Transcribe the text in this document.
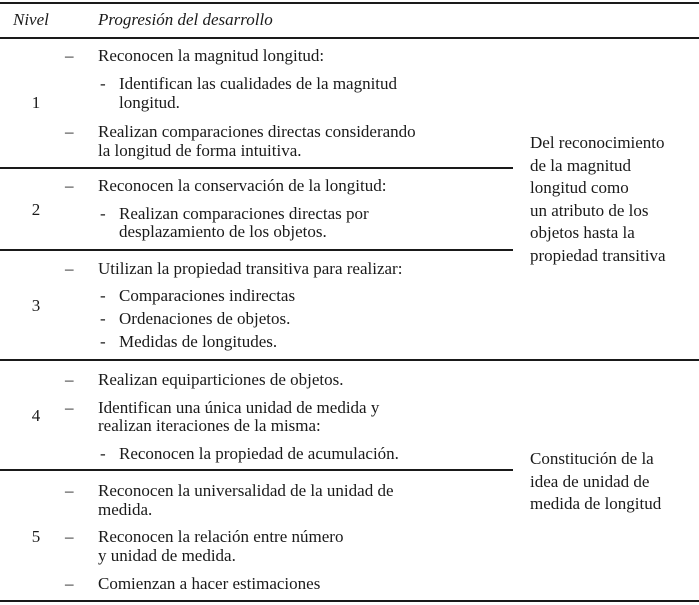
Nivel	Progresión del desarrollo
1
– Reconocen la magnitud longitud:
- Identifican las cualidades de la magnitud
longitud.
– Realizan comparaciones directas considerando
la longitud de forma intuitiva.
2
– Reconocen la conservación de la longitud:
- Realizan comparaciones directas por
desplazamiento de los objetos.
3
– Utilizan la propiedad transitiva para realizar:
- Comparaciones indirectas
- Ordenaciones de objetos.
- Medidas de longitudes.
4
– Realizan equiparticiones de objetos.
– Identifican una única unidad de medida y
realizan iteraciones de la misma:
- Reconocen la propiedad de acumulación.
5
– Reconocen la universalidad de la unidad de
medida.
– Reconocen la relación entre número
y unidad de medida.
– Comienzan a hacer estimaciones
Del reconocimiento
de la magnitud
longitud como
un atributo de los
objetos hasta la
propiedad transitiva
Constitución de la
idea de unidad de
medida de longitud
